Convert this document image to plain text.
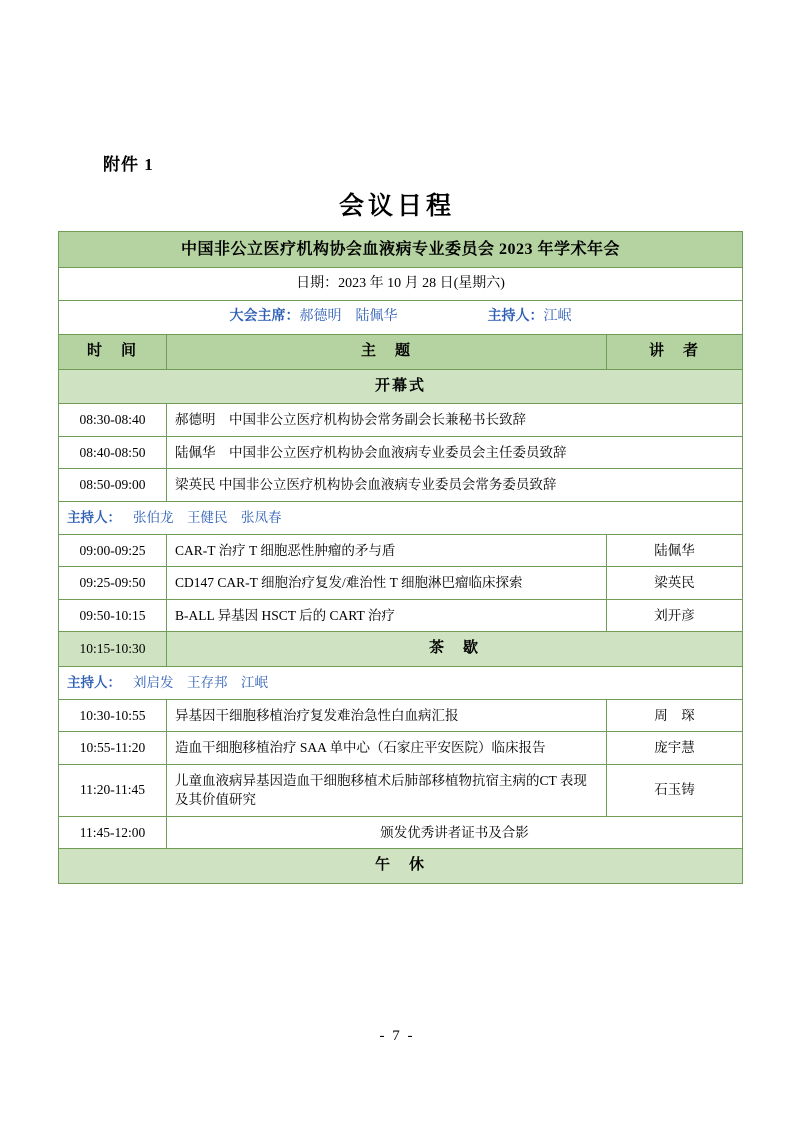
附件 1
会议日程
中国非公立医疗机构协会血液病专业委员会 2023 年学术年会		
日期：2023 年 10 月 28 日(星期六)		
大会主席：郝德明　陆佩华 主持人：江岷		
时　间	主　题	讲　者
开幕式		
08:30-08:40	郝德明　中国非公立医疗机构协会常务副会长兼秘书长致辞	
08:40-08:50	陆佩华　中国非公立医疗机构协会血液病专业委员会主任委员致辞	
08:50-09:00	梁英民 中国非公立医疗机构协会血液病专业委员会常务委员致辞	
主持人： 张伯龙　王健民　张凤春		
09:00-09:25	CAR-T 治疗 T 细胞恶性肿瘤的矛与盾	陆佩华
09:25-09:50	CD147 CAR-T 细胞治疗复发/难治性 T 细胞淋巴瘤临床探索	梁英民
09:50-10:15	B-ALL 异基因 HSCT 后的 CART 治疗	刘开彦
10:15-10:30	茶　歇	
主持人： 刘启发　王存邦　江岷		
10:30-10:55	异基因干细胞移植治疗复发难治急性白血病汇报	周　琛
10:55-11:20	造血干细胞移植治疗 SAA 单中心（石家庄平安医院）临床报告	庞宇慧
11:20-11:45	儿童血液病异基因造血干细胞移植术后肺部移植物抗宿主病的CT 表现及其价值研究	石玉铸
11:45-12:00	颁发优秀讲者证书及合影	
午　休		
- 7 -
